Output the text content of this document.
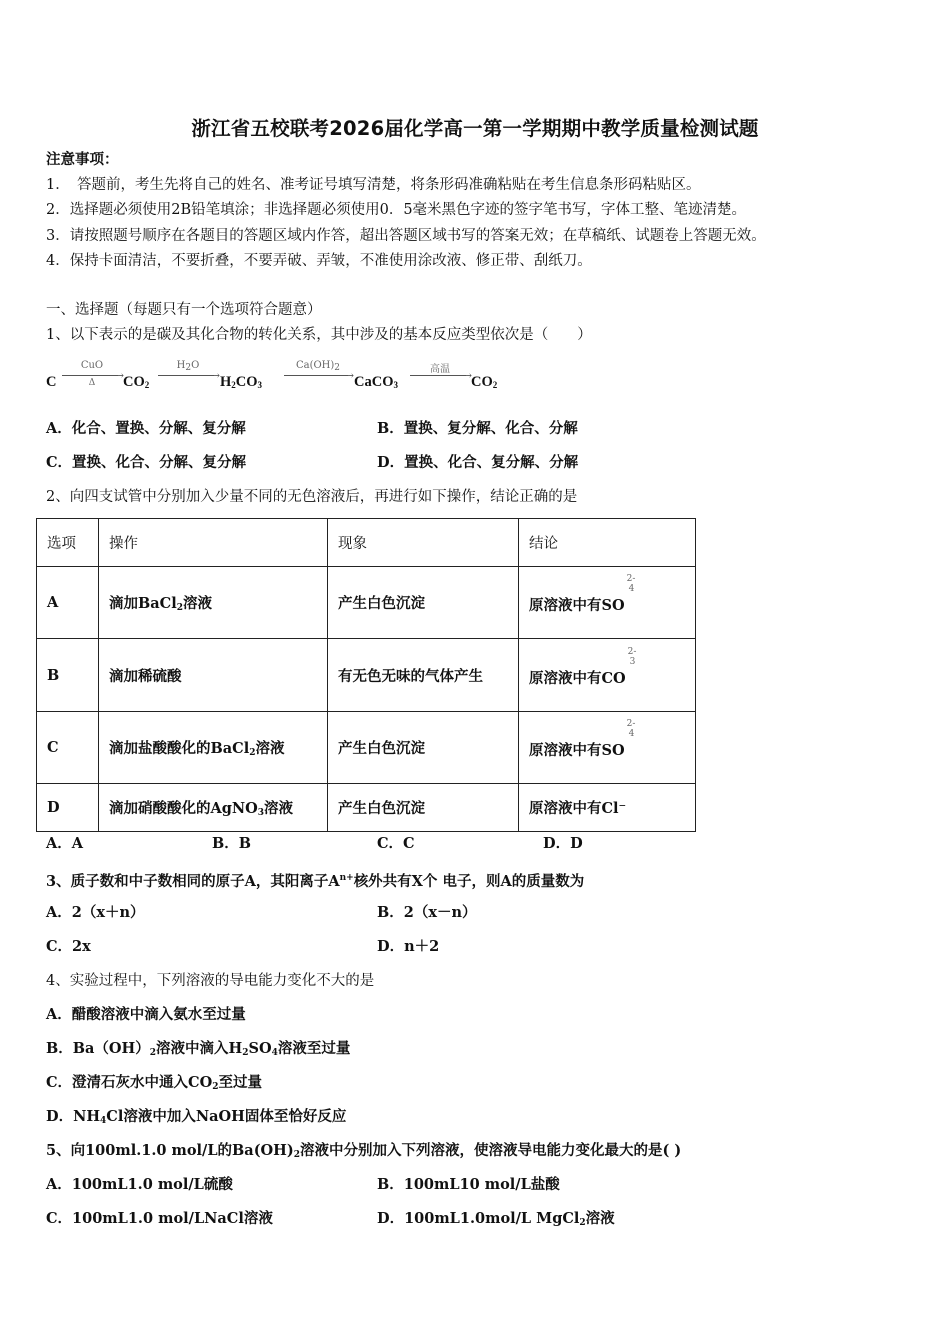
浙江省五校联考2026届化学高一第一学期期中教学质量检测试题
注意事项：
1．　答题前，考生先将自己的姓名、准考证号填写清楚，将条形码准确粘贴在考生信息条形码粘贴区。
2．选择题必须使用2B铅笔填涂；非选择题必须使用0．5毫米黑色字迹的签字笔书写，字体工整、笔迹清楚。
3．请按照题号顺序在各题目的答题区域内作答，超出答题区域书写的答案无效；在草稿纸、试题卷上答题无效。
4．保持卡面清洁，不要折叠，不要弄破、弄皱，不准使用涂改液、修正带、刮纸刀。
一、选择题（每题只有一个选项符合题意）
1、以下表示的是碳及其化合物的转化关系，其中涉及的基本反应类型依次是（　　）
C
CuO
→
Δ	$CO_2$
$H_2O$
→ $H_2CO_3$
$Ca(OH)_2$
→ CaCO$_3$
高温	→ $CO_2$
A．化合、置换、分解、复分解	B．置换、复分解、化合、分解
C．置换、化合、分解、复分解	D．置换、化合、复分解、分解
2、向四支试管中分别加入少量不同的无色溶液后，再进行如下操作，结论正确的是
选项	操作	现象	结论
A	滴加BaCl$_2$溶液	产生白色沉淀	原溶液中有SO
2-
4

B	滴加稀硫酸	有无色无味的气体产生	原溶液中有CO
2-
3

C	滴加盐酸酸化的BaCl$_2$溶液	产生白色沉淀	原溶液中有SO
2-
4

D	滴加硝酸酸化的AgNO$_3$溶液	产生白色沉淀	原溶液中有Cl⁻
A．A	B．B	C．C	D．D
3、质子数和中子数相同的原子A，其阳离子$A^{n+}$核外共有X个 电子，则A的质量数为
A．2（x＋n）	B．2（x－n）
C．2x	D．n＋2
4、实验过程中，下列溶液的导电能力变化不大的是
A．醋酸溶液中滴入氨水至过量
B．$Ba(OH)_2$溶液中滴入$H_2SO_4$溶液至过量
C．澄清石灰水中通入$CO_2$至过量
D．$NH_4Cl$溶液中加入NaOH固体至恰好反应
5、向100ml.1.0 mol/L的$Ba(OH)_2$溶液中分别加入下列溶液，使溶液导电能力变化最大的是( )
A．100mL1.0 mol/L硫酸	B．100mL10 mol/L盐酸
C．100mL1.0 mol/LNaCl溶液	D．100mL1.0mol/L MgCl$_2$溶液
